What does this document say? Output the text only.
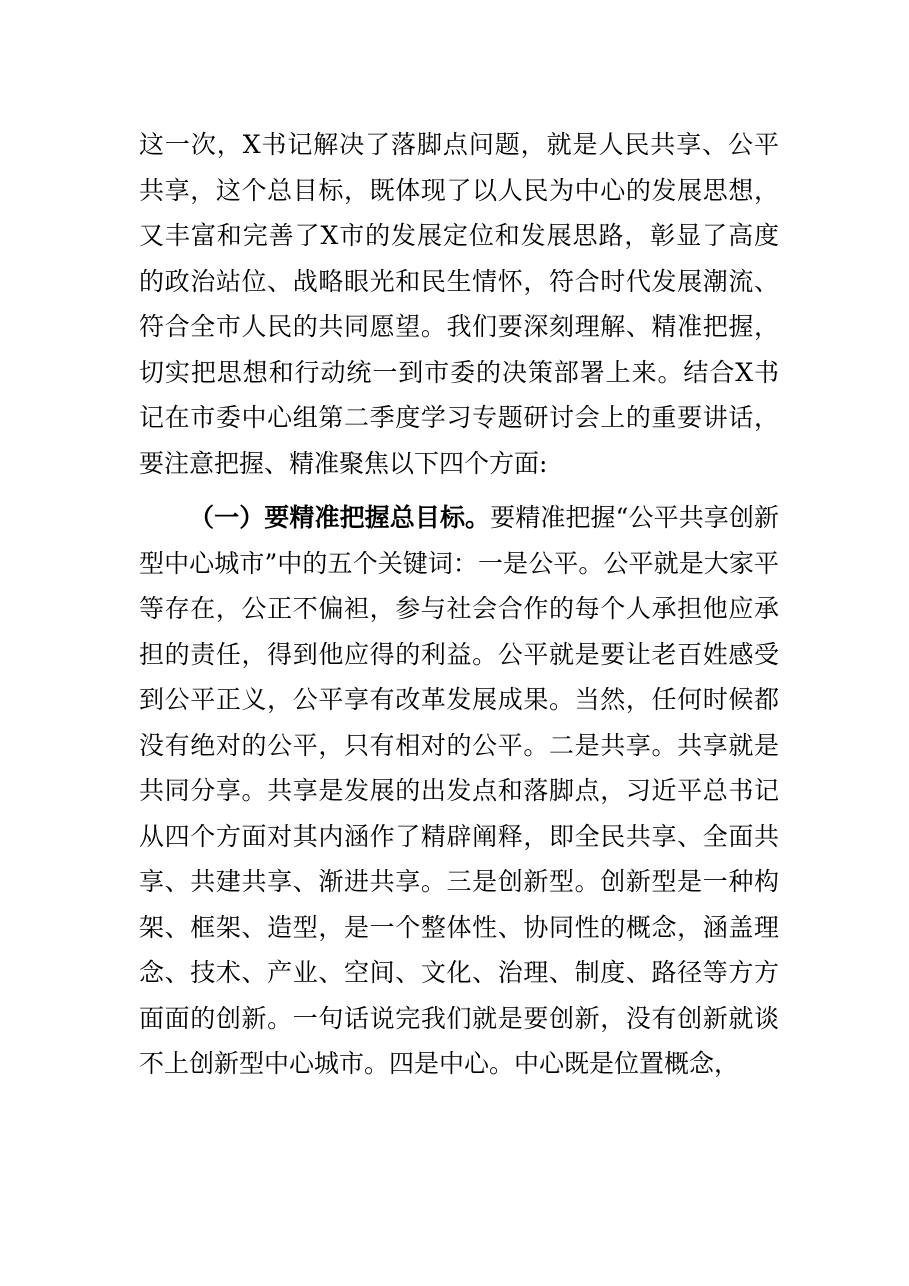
这一次，X书记解决了落脚点问题，就是人民共享、公平共享，这个总目标，既体现了以人民为中心的发展思想，又丰富和完善了X市的发展定位和发展思路，彰显了高度的政治站位、战略眼光和民生情怀，符合时代发展潮流、符合全市人民的共同愿望。我们要深刻理解、精准把握，切实把思想和行动统一到市委的决策部署上来。结合X书记在市委中心组第二季度学习专题研讨会上的重要讲话，要注意把握、精准聚焦以下四个方面:

（一）要精准把握总目标。要精准把握“公平共享创新型中心城市”中的五个关键词：一是公平。公平就是大家平等存在，公正不偏袒，参与社会合作的每个人承担他应承担的责任，得到他应得的利益。公平就是要让老百姓感受到公平正义，公平享有改革发展成果。当然，任何时候都没有绝对的公平，只有相对的公平。二是共享。共享就是共同分享。共享是发展的出发点和落脚点，习近平总书记从四个方面对其内涵作了精辟阐释，即全民共享、全面共享、共建共享、渐进共享。三是创新型。创新型是一种构架、框架、造型，是一个整体性、协同性的概念，涵盖理念、技术、产业、空间、文化、治理、制度、路径等方方面面的创新。一句话说完我们就是要创新，没有创新就谈不上创新型中心城市。四是中心。中心既是位置概念，
